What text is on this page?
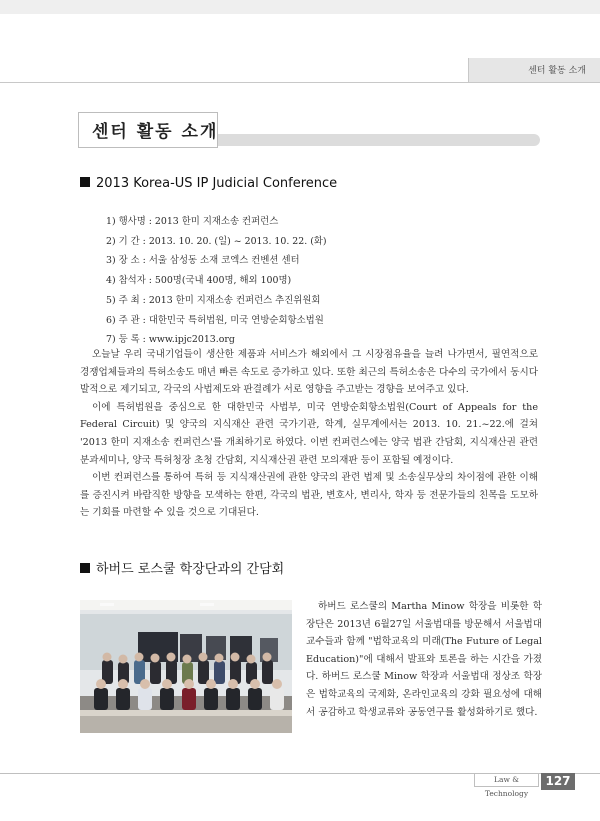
센터 활동 소개
센터 활동 소개
2013 Korea-US IP Judicial Conference
1) 행사명 : 2013 한미 지재소송 컨퍼런스
2) 기 간 : 2013. 10. 20. (일) ~ 2013. 10. 22. (화)
3) 장 소 : 서울 삼성동 소재 코엑스 컨벤션 센터
4) 참석자 : 500명(국내 400명, 해외 100명)
5) 주 최 : 2013 한미 지재소송 컨퍼런스 추진위원회
6) 주 관 : 대한민국 특허법원, 미국 연방순회항소법원
7) 등 록 : www.ipjc2013.org

오늘날 우리 국내기업들이 생산한 제품과 서비스가 해외에서 그 시장점유율을 늘려 나가면서, 필연적으로 경쟁업체들과의 특허소송도 매년 빠른 속도로 증가하고 있다. 또한 최근의 특허소송은 다수의 국가에서 동시다발적으로 제기되고, 각국의 사법제도와 판결례가 서로 영향을 주고받는 경향을 보여주고 있다.

이에 특허법원을 중심으로 한 대한민국 사법부, 미국 연방순회항소법원(Court of Appeals for the Federal Circuit) 및 양국의 지식재산 관련 국가기관, 학계, 실무계에서는 2013. 10. 21.~22.에 걸쳐 '2013 한미 지재소송 컨퍼런스'를 개최하기로 하였다. 이번 컨퍼런스에는 양국 법관 간담회, 지식재산권 관련 분과세미나, 양국 특허청장 초청 간담회, 지식재산권 관련 모의재판 등이 포함될 예정이다.

이번 컨퍼런스를 통하여 특허 등 지식재산권에 관한 양국의 관련 법제 및 소송실무상의 차이점에 관한 이해를 증진시켜 바람직한 방향을 모색하는 한편, 각국의 법관, 변호사, 변리사, 학자 등 전문가들의 친목을 도모하는 기회를 마련할 수 있을 것으로 기대된다.

하버드 로스쿨 학장단과의 간담회

하버드 로스쿨의 Martha Minow 학장을 비롯한 학장단은 2013년 6월27일 서울법대를 방문해서 서울법대 교수들과 함께 "법학교육의 미래(The Future of Legal Education)"에 대해서 발표와 토론을 하는 시간을 가졌다. 하버드 로스쿨 Minow 학장과 서울법대 정상조 학장은 법학교육의 국제화, 온라인교육의 강화 필요성에 대해서 공감하고 학생교류와 공동연구를 활성화하기로 했다.

Law & Technology
127
